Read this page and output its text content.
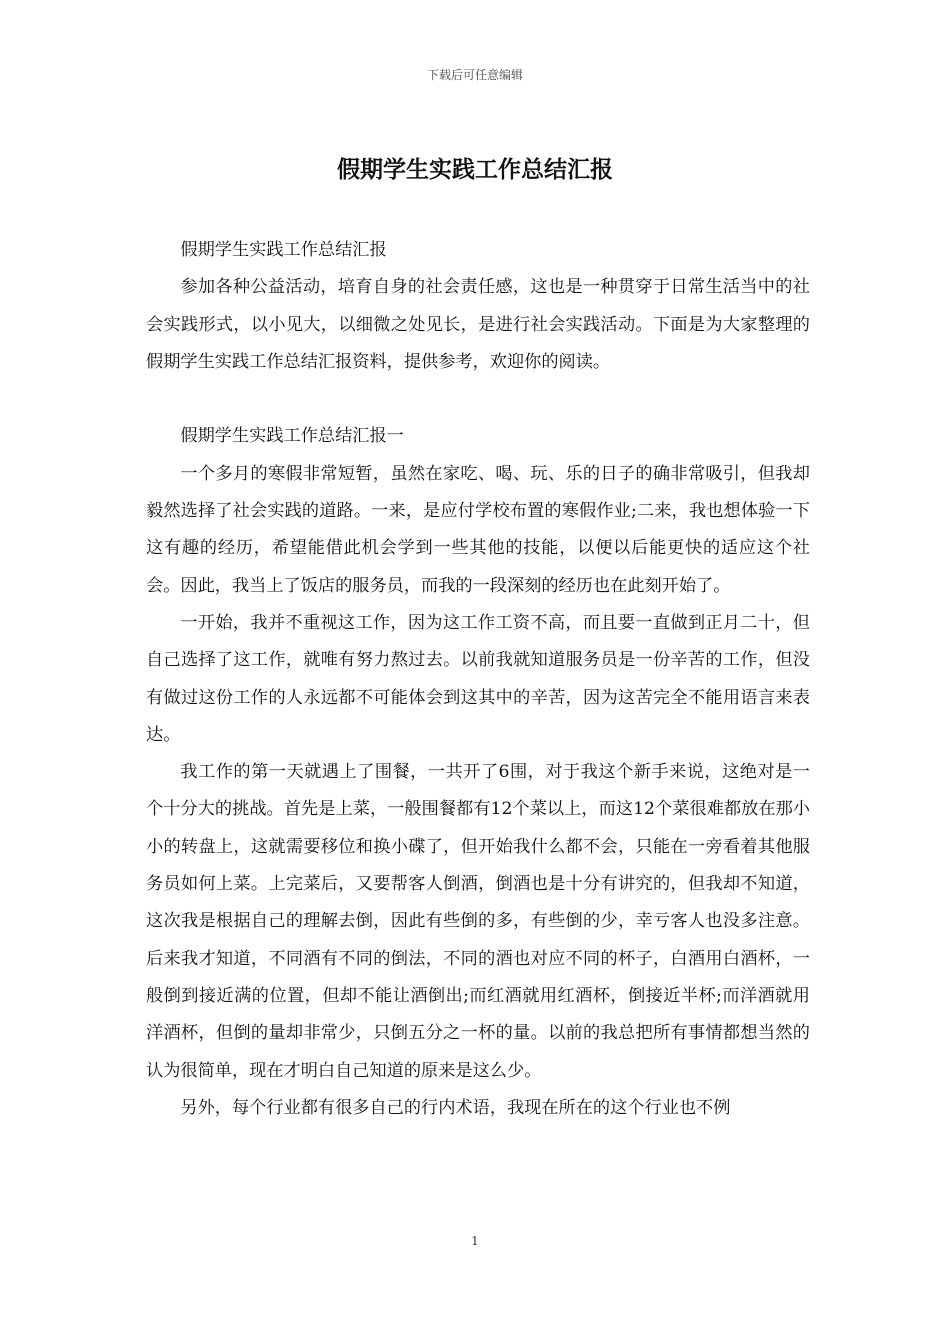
下载后可任意编辑
假期学生实践工作总结汇报

假期学生实践工作总结汇报

参加各种公益活动，培育自身的社会责任感，这也是一种贯穿于日常生活当中的社会实践形式，以小见大，以细微之处见长，是进行社会实践活动。下面是为大家整理的假期学生实践工作总结汇报资料，提供参考，欢迎你的阅读。

假期学生实践工作总结汇报一

一个多月的寒假非常短暂，虽然在家吃、喝、玩、乐的日子的确非常吸引，但我却毅然选择了社会实践的道路。一来，是应付学校布置的寒假作业;二来，我也想体验一下这有趣的经历，希望能借此机会学到一些其他的技能，以便以后能更快的适应这个社会。因此，我当上了饭店的服务员，而我的一段深刻的经历也在此刻开始了。

一开始，我并不重视这工作，因为这工作工资不高，而且要一直做到正月二十，但自己选择了这工作，就唯有努力熬过去。以前我就知道服务员是一份辛苦的工作，但没有做过这份工作的人永远都不可能体会到这其中的辛苦，因为这苦完全不能用语言来表达。

我工作的第一天就遇上了围餐，一共开了6围，对于我这个新手来说，这绝对是一个十分大的挑战。首先是上菜，一般围餐都有12个菜以上，而这12个菜很难都放在那小小的转盘上，这就需要移位和换小碟了，但开始我什么都不会，只能在一旁看着其他服务员如何上菜。上完菜后，又要帮客人倒酒，倒酒也是十分有讲究的，但我却不知道，这次我是根据自己的理解去倒，因此有些倒的多，有些倒的少，幸亏客人也没多注意。后来我才知道，不同酒有不同的倒法，不同的酒也对应不同的杯子，白酒用白酒杯，一般倒到接近满的位置，但却不能让酒倒出;而红酒就用红酒杯，倒接近半杯;而洋酒就用洋酒杯，但倒的量却非常少，只倒五分之一杯的量。以前的我总把所有事情都想当然的认为很简单，现在才明白自己知道的原来是这么少。

另外，每个行业都有很多自己的行内术语，我现在所在的这个行业也不例

1
